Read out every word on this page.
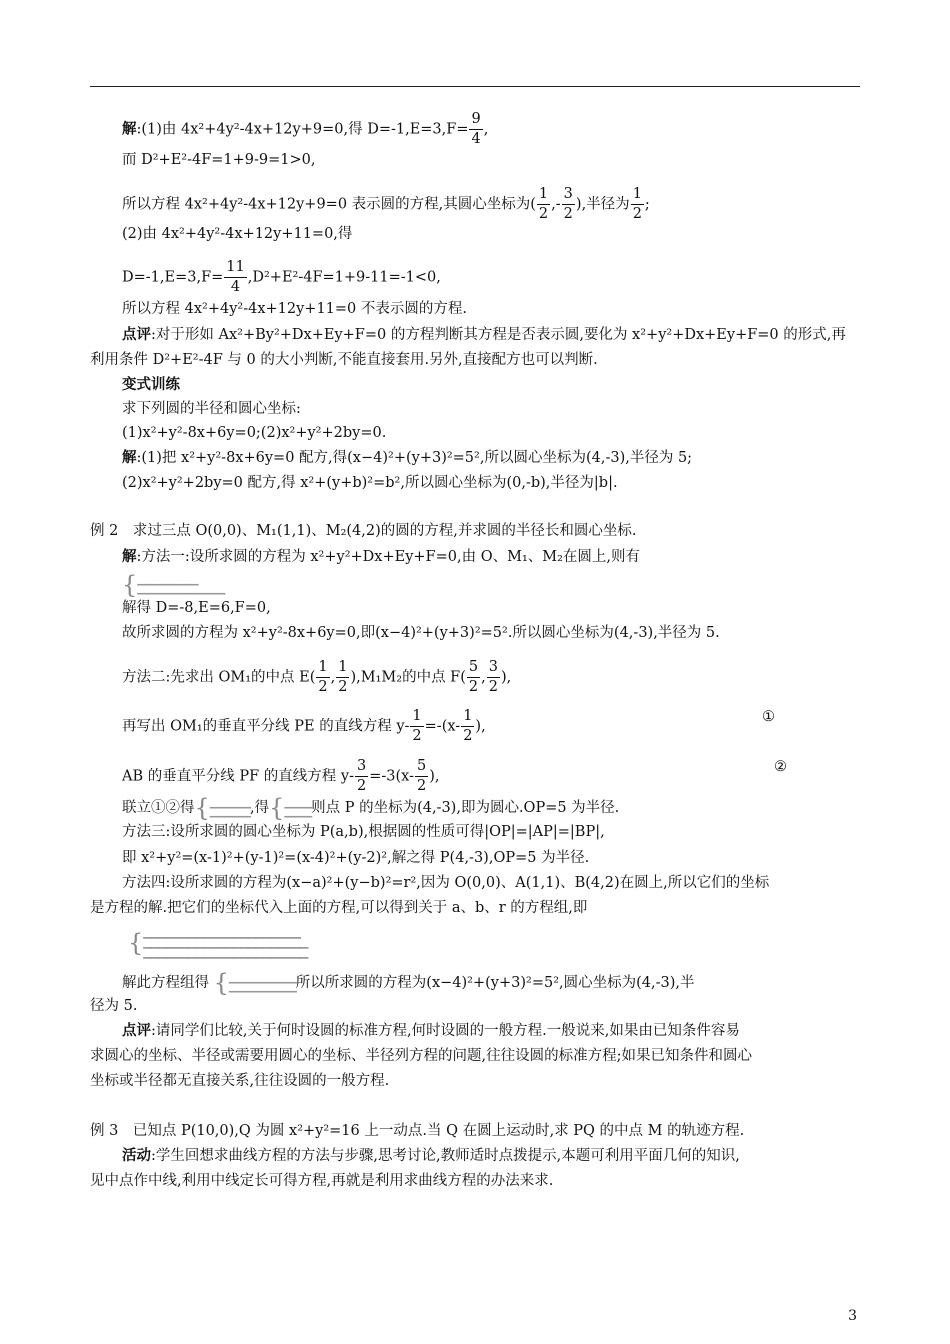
解:(1)由 4x²+4y²-4x+12y+9=0,得 $D=-1,E=3,F= \frac{9}{4}$ ,
而 D²+E²-4F=1+9-9=1>0,
所以方程 4x²+4y²-4x+12y+9=0 表示圆的方程,其圆心坐标为( $\frac{1}{2}$ ,- $\frac{3}{2}$ ),半径为 $\frac{1}{2}$ ;
(2)由 4x²+4y²-4x+12y+11=0,得
$D=-1,E=3,F= \frac{11}{4} ,D^2+E^2-4F=1+9-11=-1<0$,
所以方程 4x²+4y²-4x+12y+11=0 不表示圆的方程.
点评:对于形如 Ax²+By²+Dx+Ey+F=0 的方程判断其方程是否表示圆,要化为 x²+y²+Dx+Ey+F=0 的形式,再
利用条件 D²+E²-4F 与 0 的大小判断,不能直接套用.另外,直接配方也可以判断.
变式训练
求下列圆的半径和圆心坐标:
(1)x²+y²-8x+6y=0;(2)x²+y²+2by=0.
解:(1)把 x²+y²-8x+6y=0 配方,得(x−4)²+(y+3)²=5²,所以圆心坐标为(4,-3),半径为 5;
(2)x²+y²+2by=0 配方,得 x²+(y+b)²=b²,所以圆心坐标为(0,-b),半径为|b|.
例 2　求过三点 O(0,0)、M₁(1,1)、M₂(4,2)的圆的方程,并求圆的半径长和圆心坐标.
解:方法一:设所求圆的方程为 x²+y²+Dx+Ey+F=0,由 O、M₁、M₂在圆上,则有
{▁▁▁▁▁▁▁▁▁
▁▁▁▁▁▁▁▁▁▁▁▁▁
解得 D=-8,E=6,F=0,
故所求圆的方程为 x²+y²-8x+6y=0,即(x−4)²+(y+3)²=5².所以圆心坐标为(4,-3),半径为 5.
方法二:先求出 OM₁的中点 $E( \frac{1}{2}$ , $\frac{1}{2} ),M_1M_2$的中点 $F( \frac{5}{2}$ , $\frac{3}{2}$ ),
再写出 OM₁的垂直平分线 PE 的直线方程 $y- \frac{1}{2} =-(x- \frac{1}{2}$ ),
①
AB 的垂直平分线 PF 的直线方程 $y- \frac{3}{2} =-3(x- \frac{5}{2}$ ),
②
联立①②得{▁▁▁▁▁▁
▁▁▁▁▁▁,得{▁▁▁▁
▁▁▁▁则点 P 的坐标为(4,-3),即为圆心.OP=5 为半径.
方法三:设所求圆的圆心坐标为 P(a,b),根据圆的性质可得|OP|=|AP|=|BP|,
即 x²+y²=(x-1)²+(y-1)²=(x-4)²+(y-2)²,解之得 P(4,-3),OP=5 为半径.
方法四:设所求圆的方程为(x−a)²+(y−b)²=r²,因为 O(0,0)、A(1,1)、B(4,2)在圆上,所以它们的坐标
是方程的解.把它们的坐标代入上面的方程,可以得到关于 a、b、r 的方程组,即
{▁▁▁▁▁▁▁▁▁▁▁▁▁▁▁▁▁▁▁▁▁
▁▁▁▁▁▁▁▁▁▁▁▁▁▁▁▁▁▁▁▁▁▁
▁▁▁▁▁▁▁▁▁▁▁▁▁▁▁▁▁▁▁▁▁▁
解此方程组得 {▁▁▁▁▁▁▁▁▁▁
▁▁▁▁▁▁▁▁▁▁所以所求圆的方程为(x−4)²+(y+3)²=5²,圆心坐标为(4,-3),半
径为 5.
点评:请同学们比较,关于何时设圆的标准方程,何时设圆的一般方程.一般说来,如果由已知条件容易
求圆心的坐标、半径或需要用圆心的坐标、半径列方程的问题,往往设圆的标准方程;如果已知条件和圆心
坐标或半径都无直接关系,往往设圆的一般方程.
例 3　已知点 P(10,0),Q 为圆 x²+y²=16 上一动点.当 Q 在圆上运动时,求 PQ 的中点 M 的轨迹方程.
活动:学生回想求曲线方程的方法与步骤,思考讨论,教师适时点拨提示,本题可利用平面几何的知识,
见中点作中线,利用中线定长可得方程,再就是利用求曲线方程的办法来求.
3
